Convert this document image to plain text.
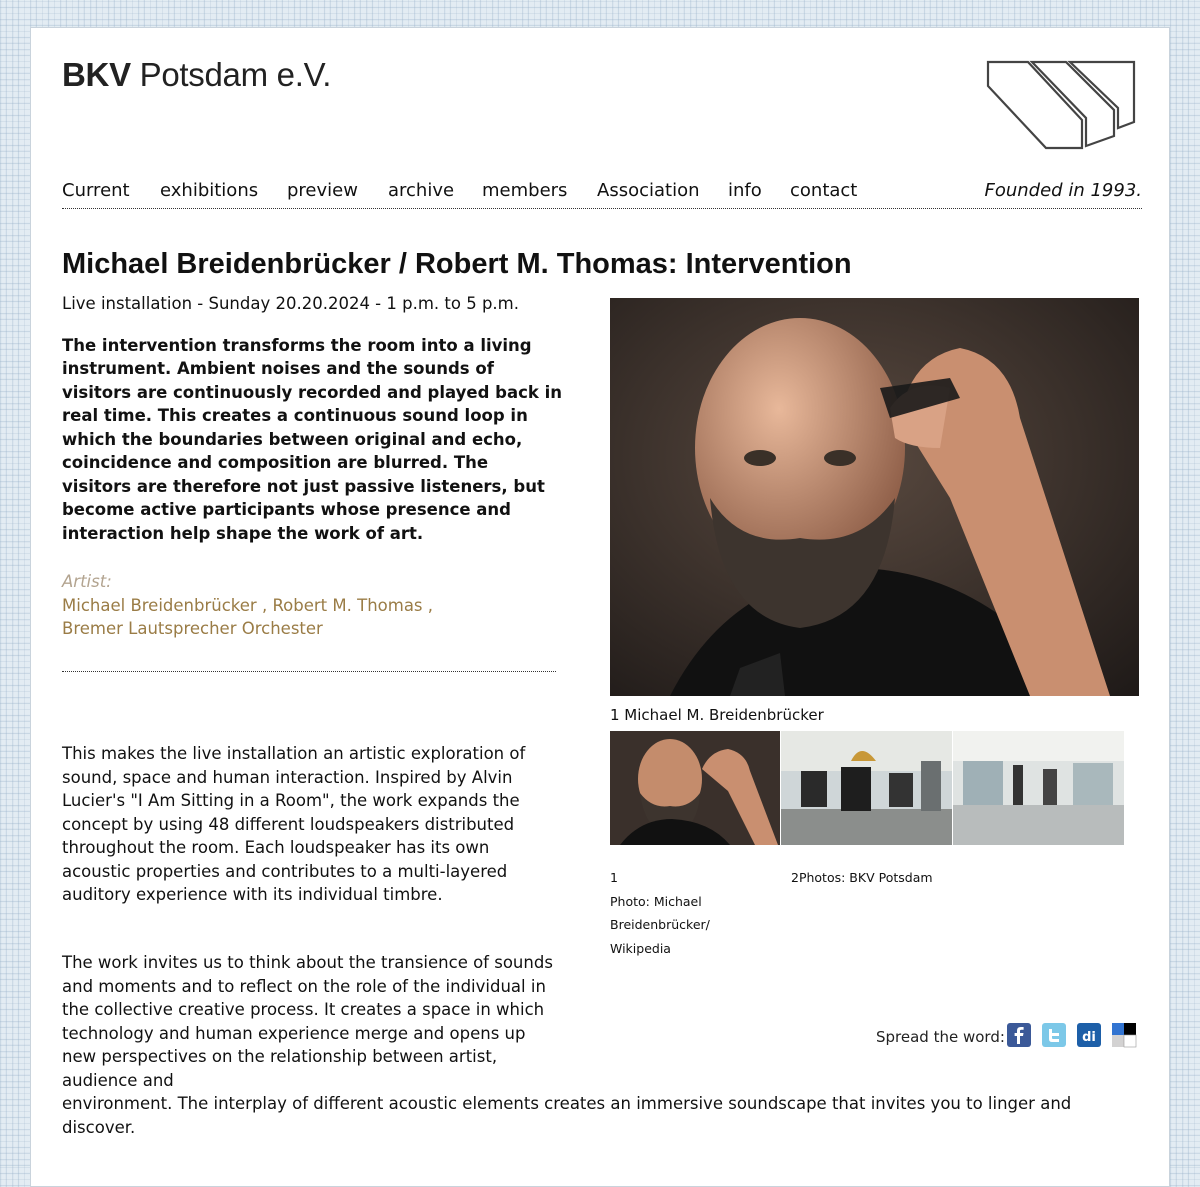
BKV Potsdam e.V.
Current exhibitions preview archive members Association info contact	Founded in 1993.
Michael Breidenbrücker / Robert M. Thomas: Intervention

Live installation - Sunday 20.20.2024 - 1 p.m. to 5 p.m.

The intervention transforms the room into a living instrument. Ambient noises and the sounds of visitors are continuously recorded and played back in real time. This creates a continuous sound loop in which the boundaries between original and echo, coincidence and composition are blurred. The visitors are therefore not just passive listeners, but become active participants whose presence and interaction help shape the work of art.

Artist:
Michael Breidenbrücker , Robert M. Thomas ,
Bremer Lautsprecher Orchester

This makes the live installation an artistic exploration of sound, space and human interaction. Inspired by Alvin Lucier's "I Am Sitting in a Room", the work expands the concept by using 48 different loudspeakers distributed throughout the room. Each loudspeaker has its own acoustic properties and contributes to a multi-layered auditory experience with its individual timbre.

The work invites us to think about the transience of sounds and moments and to reflect on the role of the individual in the collective creative process. It creates a space in which technology and human experience merge and opens up new perspectives on the relationship between artist, audience and

environment. The interplay of different acoustic elements creates an immersive soundscape that invites you to linger and discover.

1 Michael M. Breidenbrücker
1
Photo: Michael
Breidenbrücker/
Wikipedia
2Photos: BKV Potsdam
Spread the word:	di
